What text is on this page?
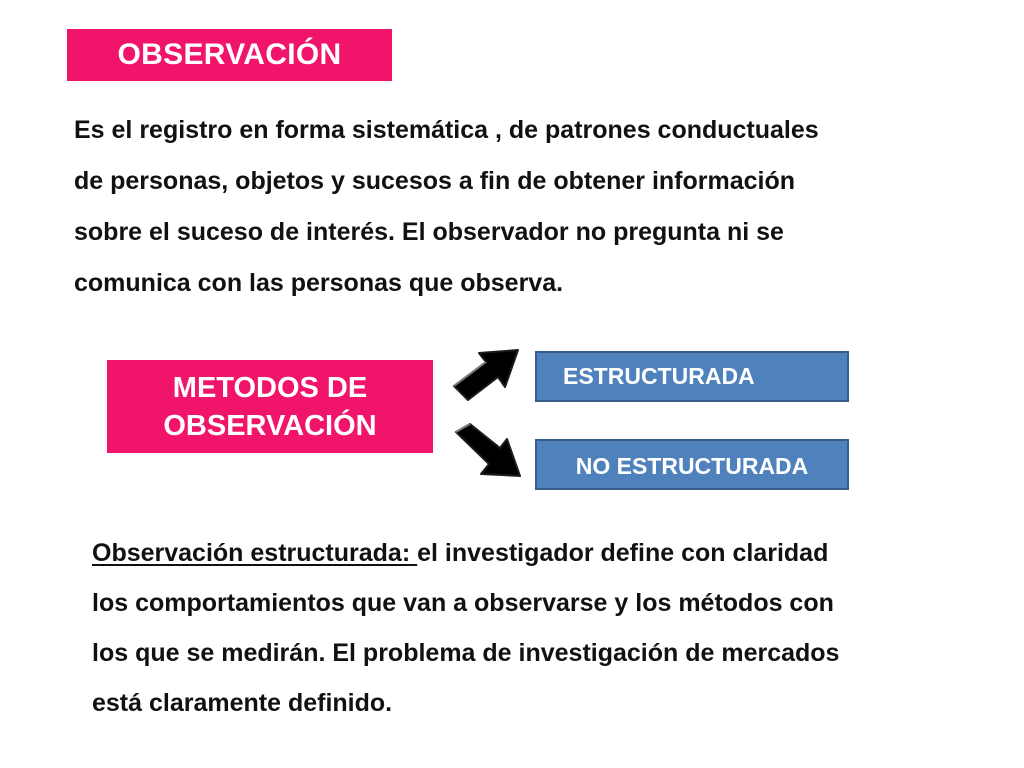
OBSERVACIÓN
Es el registro en forma sistemática , de patrones conductuales
de personas, objetos y sucesos a fin de obtener información
sobre el suceso de interés. El observador no pregunta ni se
comunica con las personas que observa.
METODOS DE
OBSERVACIÓN
ESTRUCTURADA
NO ESTRUCTURADA
Observación estructurada: el investigador define con claridad
los comportamientos que van a observarse y los métodos con
los que se medirán. El problema de investigación de mercados
está claramente definido.
